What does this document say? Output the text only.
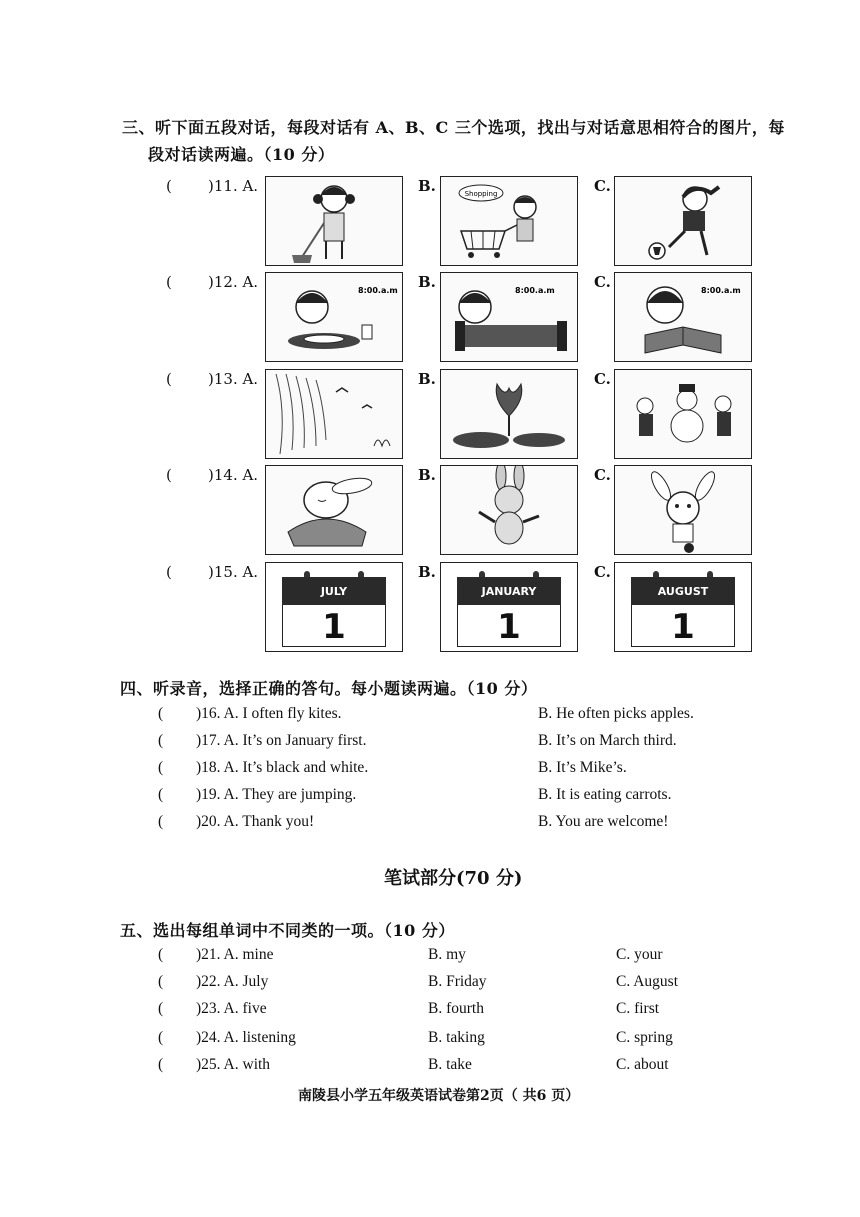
三、听下面五段对话，每段对话有 A、B、C 三个选项，找出与对话意思相符合的图片，每
段对话读两遍。（10 分）
( )11. A.	B.	Shopping	C.
( )12. A.	8:00.a.m B.	8:00.a.m	C.	8:00.a.m
( )13. A.	B.	C.
( )14. A.	B.	C.
( )15. A.
JULY
1
B.
JANUARY
1
C.
AUGUST
1
四、听录音，选择正确的答句。每小题读两遍。（10 分）
( )16. A. I often fly kites.	B. He often picks apples.
( )17. A. It’s on January first.	B. It’s on March third.
( )18. A. It’s black and white.	B. It’s Mike’s.
( )19. A. They are jumping.	B. It is eating carrots.
( )20. A. Thank you!	B. You are welcome!
笔试部分(70 分)
五、选出每组单词中不同类的一项。（10 分）
( )21. A. mine	B. my	C. your
( )22. A. July	B. Friday	C. August
( )23. A. five	B. fourth	C. first
( )24. A. listening	B. taking	C. spring
( )25. A. with	B. take	C. about
南陵县小学五年级英语试卷第2页（ 共6 页）
